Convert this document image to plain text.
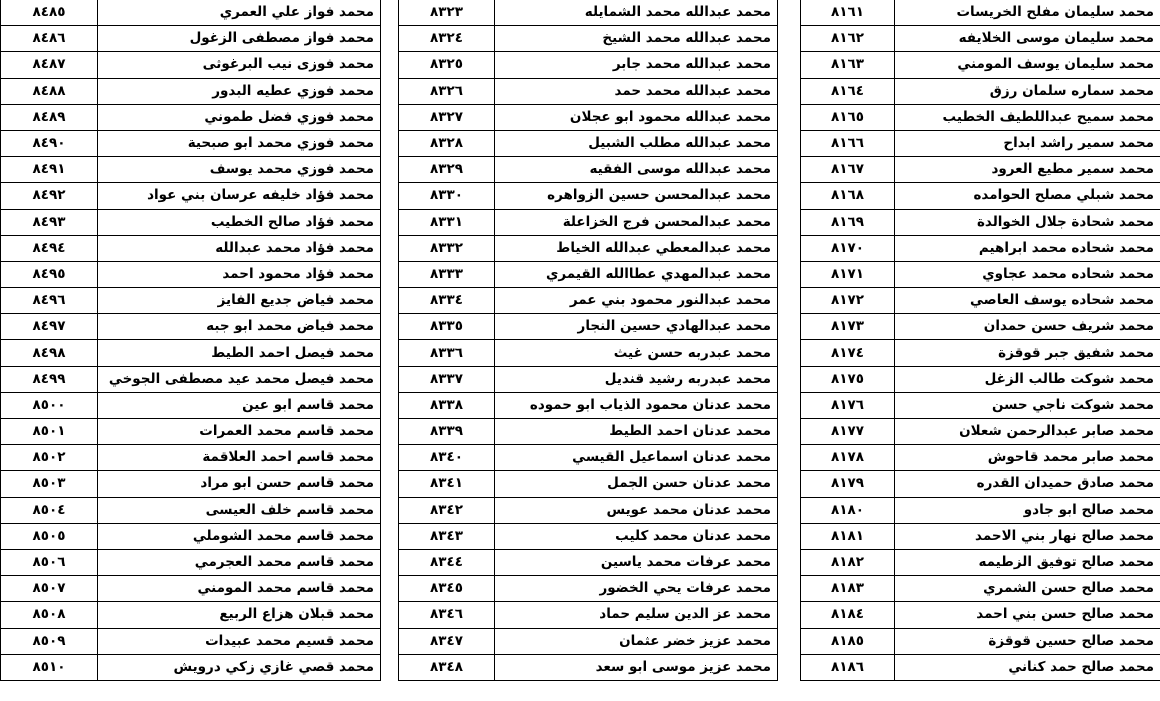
محمد سليمان مفلح الخريسات	٨١٦١
محمد سليمان موسى الخلايفه	٨١٦٢
محمد سليمان يوسف المومني	٨١٦٣
محمد سماره سلمان رزق	٨١٦٤
محمد سميح عبداللطيف الخطيب	٨١٦٥
محمد سمير راشد ابداح	٨١٦٦
محمد سمير مطيع العرود	٨١٦٧
محمد شبلي مصلح الحوامده	٨١٦٨
محمد شحادة جلال الخوالدة	٨١٦٩
محمد شحاده محمد ابراهيم	٨١٧٠
محمد شحاده محمد عجاوي	٨١٧١
محمد شحاده يوسف العاصي	٨١٧٢
محمد شريف حسن حمدان	٨١٧٣
محمد شفيق جبر قوقزة	٨١٧٤
محمد شوكت طالب الزغل	٨١٧٥
محمد شوكت ناجي حسن	٨١٧٦
محمد صابر عبدالرحمن شعلان	٨١٧٧
محمد صابر محمد قاحوش	٨١٧٨
محمد صادق حميدان القدره	٨١٧٩
محمد صالح ابو جادو	٨١٨٠
محمد صالح نهار بني الاحمد	٨١٨١
محمد صالح توفيق الزطيمه	٨١٨٢
محمد صالح حسن الشمري	٨١٨٣
محمد صالح حسن بني احمد	٨١٨٤
محمد صالح حسين قوقزة	٨١٨٥
محمد صالح حمد كناني	٨١٨٦
محمد عبدالله محمد الشمايله	٨٣٢٣
محمد عبدالله محمد الشيخ	٨٣٢٤
محمد عبدالله محمد جابر	٨٣٢٥
محمد عبدالله محمد حمد	٨٣٢٦
محمد عبدالله محمود ابو عجلان	٨٣٢٧
محمد عبدالله مطلب الشبيل	٨٣٢٨
محمد عبدالله موسى الفقيه	٨٣٢٩
محمد عبدالمحسن حسين الزواهره	٨٣٣٠
محمد عبدالمحسن فرج الخزاعلة	٨٣٣١
محمد عبدالمعطي عبدالله الخياط	٨٣٣٢
محمد عبدالمهدي عطاالله القيمري	٨٣٣٣
محمد عبدالنور محمود بني عمر	٨٣٣٤
محمد عبدالهادي حسين النجار	٨٣٣٥
محمد عبدربه حسن غيث	٨٣٣٦
محمد عبدربه رشيد قنديل	٨٣٣٧
محمد عدنان محمود الذياب ابو حموده	٨٣٣٨
محمد عدنان احمد الطيط	٨٣٣٩
محمد عدنان اسماعيل القيسي	٨٣٤٠
محمد عدنان حسن الجمل	٨٣٤١
محمد عدنان محمد عويس	٨٣٤٢
محمد عدنان محمد كليب	٨٣٤٣
محمد عرفات محمد ياسين	٨٣٤٤
محمد عرفات يحي الخضور	٨٣٤٥
محمد عز الدين سليم حماد	٨٣٤٦
محمد عزيز خضر عثمان	٨٣٤٧
محمد عزيز موسى ابو سعد	٨٣٤٨
محمد فواز علي العمري	٨٤٨٥
محمد فواز مصطفى الزغول	٨٤٨٦
محمد فوزى نيب البرغوثى	٨٤٨٧
محمد فوزي عطيه البدور	٨٤٨٨
محمد فوزي فضل طموني	٨٤٨٩
محمد فوزي محمد ابو صبحية	٨٤٩٠
محمد فوزي محمد يوسف	٨٤٩١
محمد فؤاد خليفه عرسان بني عواد	٨٤٩٢
محمد فؤاد صالح الخطيب	٨٤٩٣
محمد فؤاد محمد عبدالله	٨٤٩٤
محمد فؤاد محمود احمد	٨٤٩٥
محمد فياض جديع الفايز	٨٤٩٦
محمد فياض محمد ابو جبه	٨٤٩٧
محمد فيصل احمد الطيط	٨٤٩٨
محمد فيصل محمد عيد مصطفى الجوخي	٨٤٩٩
محمد قاسم ابو عين	٨٥٠٠
محمد قاسم محمد العمرات	٨٥٠١
محمد قاسم احمد العلاقمة	٨٥٠٢
محمد قاسم حسن ابو مراد	٨٥٠٣
محمد قاسم خلف العيسى	٨٥٠٤
محمد قاسم محمد الشوملي	٨٥٠٥
محمد قاسم محمد العجرمي	٨٥٠٦
محمد قاسم محمد المومني	٨٥٠٧
محمد قبلان هزاع الربيع	٨٥٠٨
محمد قسيم محمد عبيدات	٨٥٠٩
محمد قصي غازي زكي درويش	٨٥١٠
